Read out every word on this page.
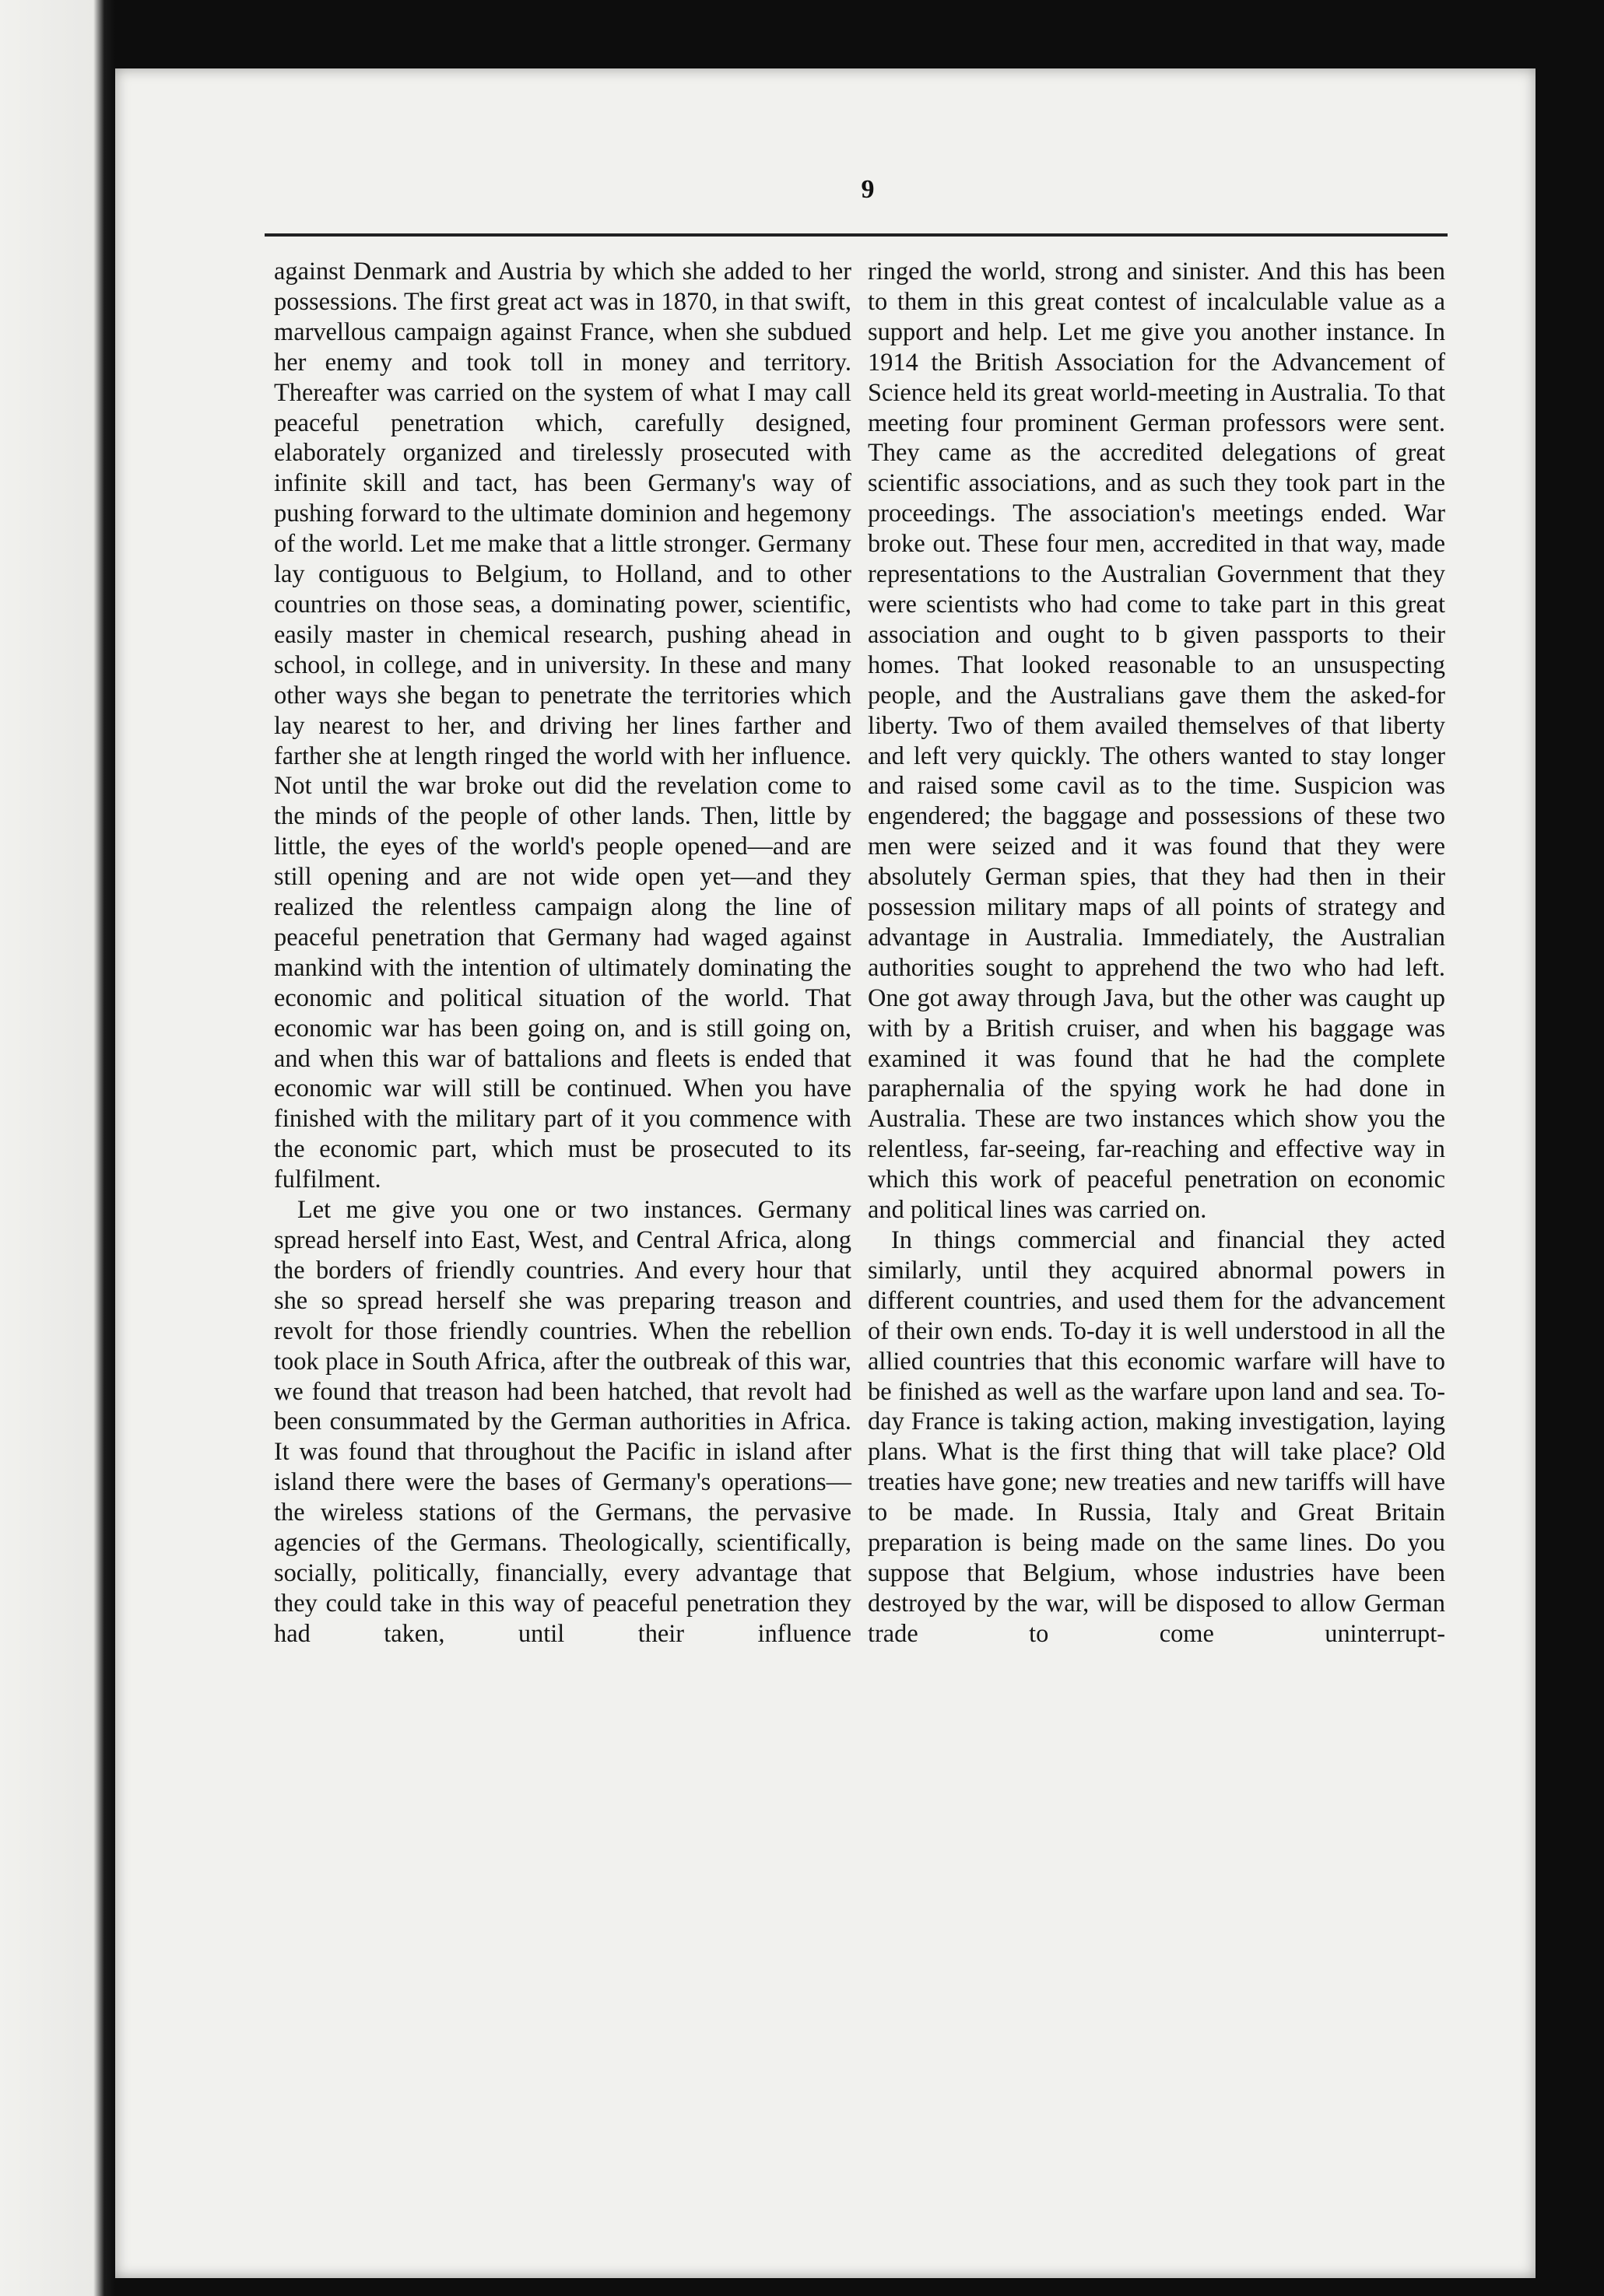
9

against Denmark and Austria by which she added to her possessions. The first great act was in 1870, in that swift, marvellous campaign against France, when she subdued her enemy and took toll in money and territory. Thereafter was carried on the system of what I may call peaceful penetration which, carefully designed, elaborately organized and tirelessly prosecuted with infinite skill and tact, has been Germany's way of pushing forward to the ultimate dominion and hegemony of the world. Let me make that a little stronger. Germany lay contiguous to Belgium, to Holland, and to other countries on those seas, a dominating power, scientific, easily master in chemical research, pushing ahead in school, in college, and in university. In these and many other ways she began to penetrate the territories which lay nearest to her, and driving her lines farther and farther she at length ringed the world with her influence. Not until the war broke out did the revelation come to the minds of the people of other lands. Then, little by little, the eyes of the world's people opened—and are still opening and are not wide open yet—and they realized the relentless campaign along the line of peaceful penetration that Germany had waged against mankind with the intention of ultimately dominating the economic and political situation of the world. That economic war has been going on, and is still going on, and when this war of battalions and fleets is ended that economic war will still be continued. When you have finished with the military part of it you commence with the economic part, which must be prosecuted to its fulfilment.

Let me give you one or two instances. Germany spread herself into East, West, and Central Africa, along the borders of friendly countries. And every hour that she so spread herself she was preparing treason and revolt for those friendly countries. When the rebellion took place in South Africa, after the outbreak of this war, we found that treason had been hatched, that revolt had been consummated by the German authorities in Africa. It was found that throughout the Pacific in island after island there were the bases of Germany's operations—the wireless stations of the Germans, the pervasive agencies of the Germans. Theologically, scientifically, socially, politically, financially, every advantage that they could take in this way of peaceful penetration they had taken, until their influence

ringed the world, strong and sinister. And this has been to them in this great contest of incalculable value as a support and help. Let me give you another instance. In 1914 the British Association for the Advancement of Science held its great world-meeting in Australia. To that meeting four prominent German professors were sent. They came as the accredited delegations of great scientific associations, and as such they took part in the proceedings. The association's meetings ended. War broke out. These four men, accredited in that way, made representations to the Australian Government that they were scientists who had come to take part in this great association and ought to b given passports to their homes. That looked reasonable to an unsuspecting people, and the Australians gave them the asked-for liberty. Two of them availed themselves of that liberty and left very quickly. The others wanted to stay longer and raised some cavil as to the time. Suspicion was engendered; the baggage and possessions of these two men were seized and it was found that they were absolutely German spies, that they had then in their possession military maps of all points of strategy and advantage in Australia. Immediately, the Australian authorities sought to apprehend the two who had left. One got away through Java, but the other was caught up with by a British cruiser, and when his baggage was examined it was found that he had the complete paraphernalia of the spying work he had done in Australia. These are two instances which show you the relentless, far-seeing, far-reaching and effective way in which this work of peaceful penetration on economic and political lines was carried on.

In things commercial and financial they acted similarly, until they acquired abnormal powers in different countries, and used them for the advancement of their own ends. To-day it is well understood in all the allied countries that this economic warfare will have to be finished as well as the warfare upon land and sea. To-day France is taking action, making investigation, laying plans. What is the first thing that will take place? Old treaties have gone; new treaties and new tariffs will have to be made. In Russia, Italy and Great Britain preparation is being made on the same lines. Do you suppose that Belgium, whose industries have been destroyed by the war, will be disposed to allow German trade to come uninterrupt-
